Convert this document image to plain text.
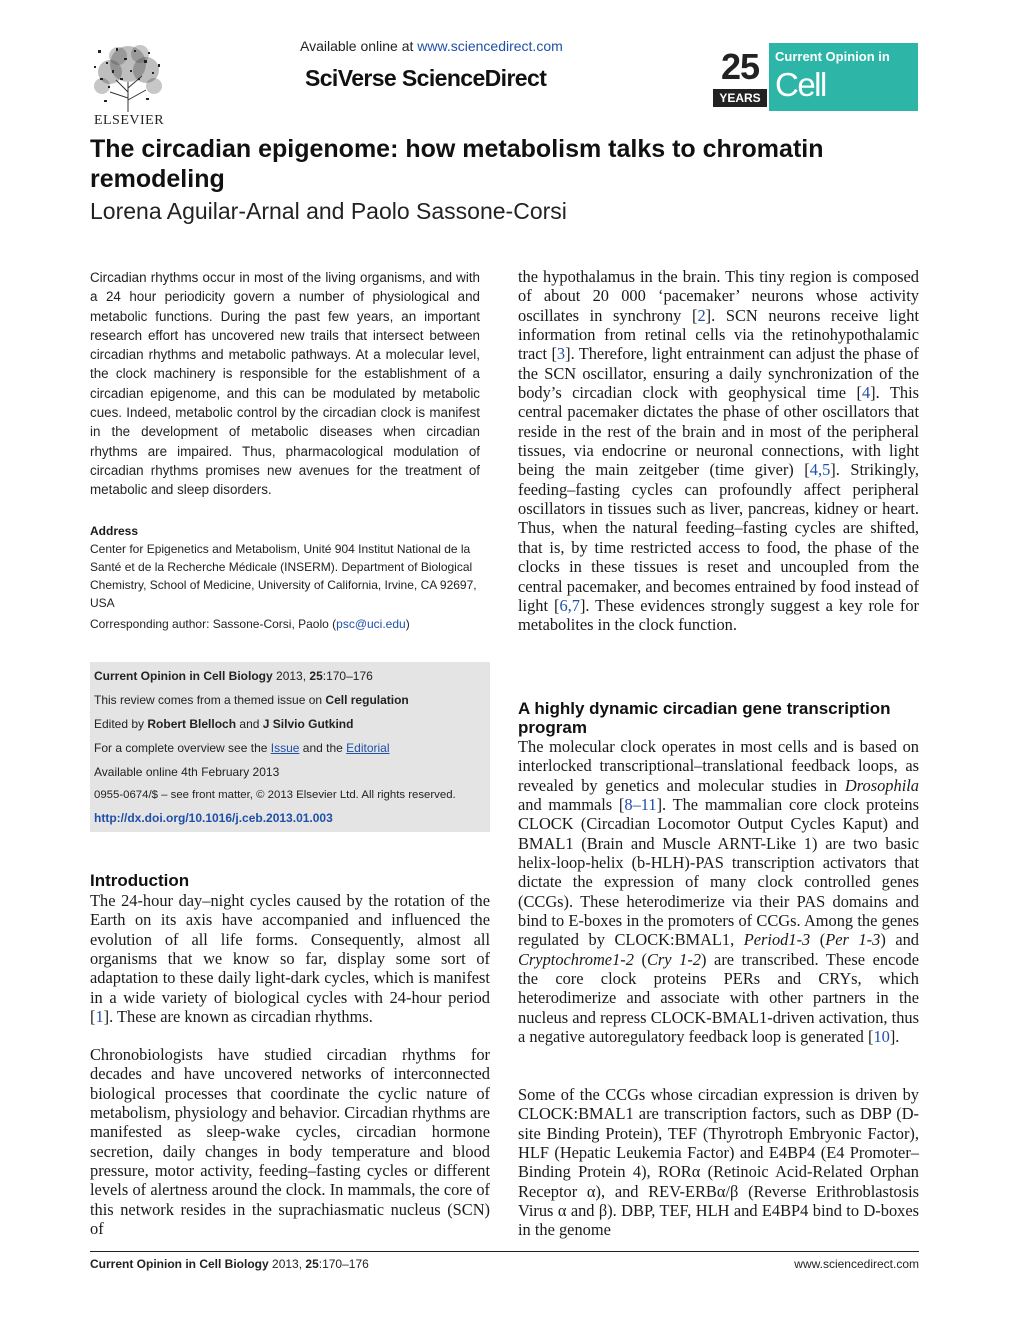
ELSEVIER
Available online at www.sciencedirect.com
SciVerse ScienceDirect	25
YEARS
Current Opinion in
Cell Biology
The circadian epigenome: how metabolism talks to chromatin remodeling
Lorena Aguilar-Arnal and Paolo Sassone-Corsi
Circadian rhythms occur in most of the living organisms, and with a 24 hour periodicity govern a number of physiological and metabolic functions. During the past few years, an important research effort has uncovered new trails that intersect between circadian rhythms and metabolic pathways. At a molecular level, the clock machinery is responsible for the establishment of a circadian epigenome, and this can be modulated by metabolic cues. Indeed, metabolic control by the circadian clock is manifest in the development of metabolic diseases when circadian rhythms are impaired. Thus, pharmacological modulation of circadian rhythms promises new avenues for the treatment of metabolic and sleep disorders.
Address
Center for Epigenetics and Metabolism, Unité 904 Institut National de la Santé et de la Recherche Médicale (INSERM). Department of Biological Chemistry, School of Medicine, University of California, Irvine, CA 92697, USA
Corresponding author: Sassone-Corsi, Paolo (psc@uci.edu)
Current Opinion in Cell Biology 2013, 25:170–176
This review comes from a themed issue on Cell regulation
Edited by Robert Blelloch and J Silvio Gutkind
For a complete overview see the Issue and the Editorial
Available online 4th February 2013
0955-0674/$ – see front matter, © 2013 Elsevier Ltd. All rights reserved.
http://dx.doi.org/10.1016/j.ceb.2013.01.003
Introduction
The 24-hour day–night cycles caused by the rotation of the Earth on its axis have accompanied and influenced the evolution of all life forms. Consequently, almost all organisms that we know so far, display some sort of adaptation to these daily light-dark cycles, which is manifest in a wide variety of biological cycles with 24-hour period [1]. These are known as circadian rhythms.
Chronobiologists have studied circadian rhythms for decades and have uncovered networks of interconnected biological processes that coordinate the cyclic nature of metabolism, physiology and behavior. Circadian rhythms are manifested as sleep-wake cycles, circadian hormone secretion, daily changes in body temperature and blood pressure, motor activity, feeding–fasting cycles or different levels of alertness around the clock. In mammals, the core of this network resides in the suprachiasmatic nucleus (SCN) of
the hypothalamus in the brain. This tiny region is composed of about 20 000 ‘pacemaker’ neurons whose activity oscillates in synchrony [2]. SCN neurons receive light information from retinal cells via the retinohypothalamic tract [3]. Therefore, light entrainment can adjust the phase of the SCN oscillator, ensuring a daily synchronization of the body’s circadian clock with geophysical time [4]. This central pacemaker dictates the phase of other oscillators that reside in the rest of the brain and in most of the peripheral tissues, via endocrine or neuronal connections, with light being the main zeitgeber (time giver) [4,5]. Strikingly, feeding–fasting cycles can profoundly affect peripheral oscillators in tissues such as liver, pancreas, kidney or heart. Thus, when the natural feeding–fasting cycles are shifted, that is, by time restricted access to food, the phase of the clocks in these tissues is reset and uncoupled from the central pacemaker, and becomes entrained by food instead of light [6,7]. These evidences strongly suggest a key role for metabolites in the clock function.
A highly dynamic circadian gene transcription program
The molecular clock operates in most cells and is based on interlocked transcriptional–translational feedback loops, as revealed by genetics and molecular studies in Drosophila and mammals [8–11]. The mammalian core clock proteins CLOCK (Circadian Locomotor Output Cycles Kaput) and BMAL1 (Brain and Muscle ARNT-Like 1) are two basic helix-loop-helix (b-HLH)-PAS transcription activators that dictate the expression of many clock controlled genes (CCGs). These heterodimerize via their PAS domains and bind to E-boxes in the promoters of CCGs. Among the genes regulated by CLOCK:BMAL1, Period1-3 (Per 1-3) and Cryptochrome1-2 (Cry 1-2) are transcribed. These encode the core clock proteins PERs and CRYs, which heterodimerize and associate with other partners in the nucleus and repress CLOCK-BMAL1-driven activation, thus a negative autoregulatory feedback loop is generated [10].
Some of the CCGs whose circadian expression is driven by CLOCK:BMAL1 are transcription factors, such as DBP (D-site Binding Protein), TEF (Thyrotroph Embryonic Factor), HLF (Hepatic Leukemia Factor) and E4BP4 (E4 Promoter–Binding Protein 4), RORα (Retinoic Acid-Related Orphan Receptor α), and REV-ERBα/β (Reverse Erithroblastosis Virus α and β). DBP, TEF, HLH and E4BP4 bind to D-boxes in the genome
Current Opinion in Cell Biology 2013, 25:170–176	www.sciencedirect.com
